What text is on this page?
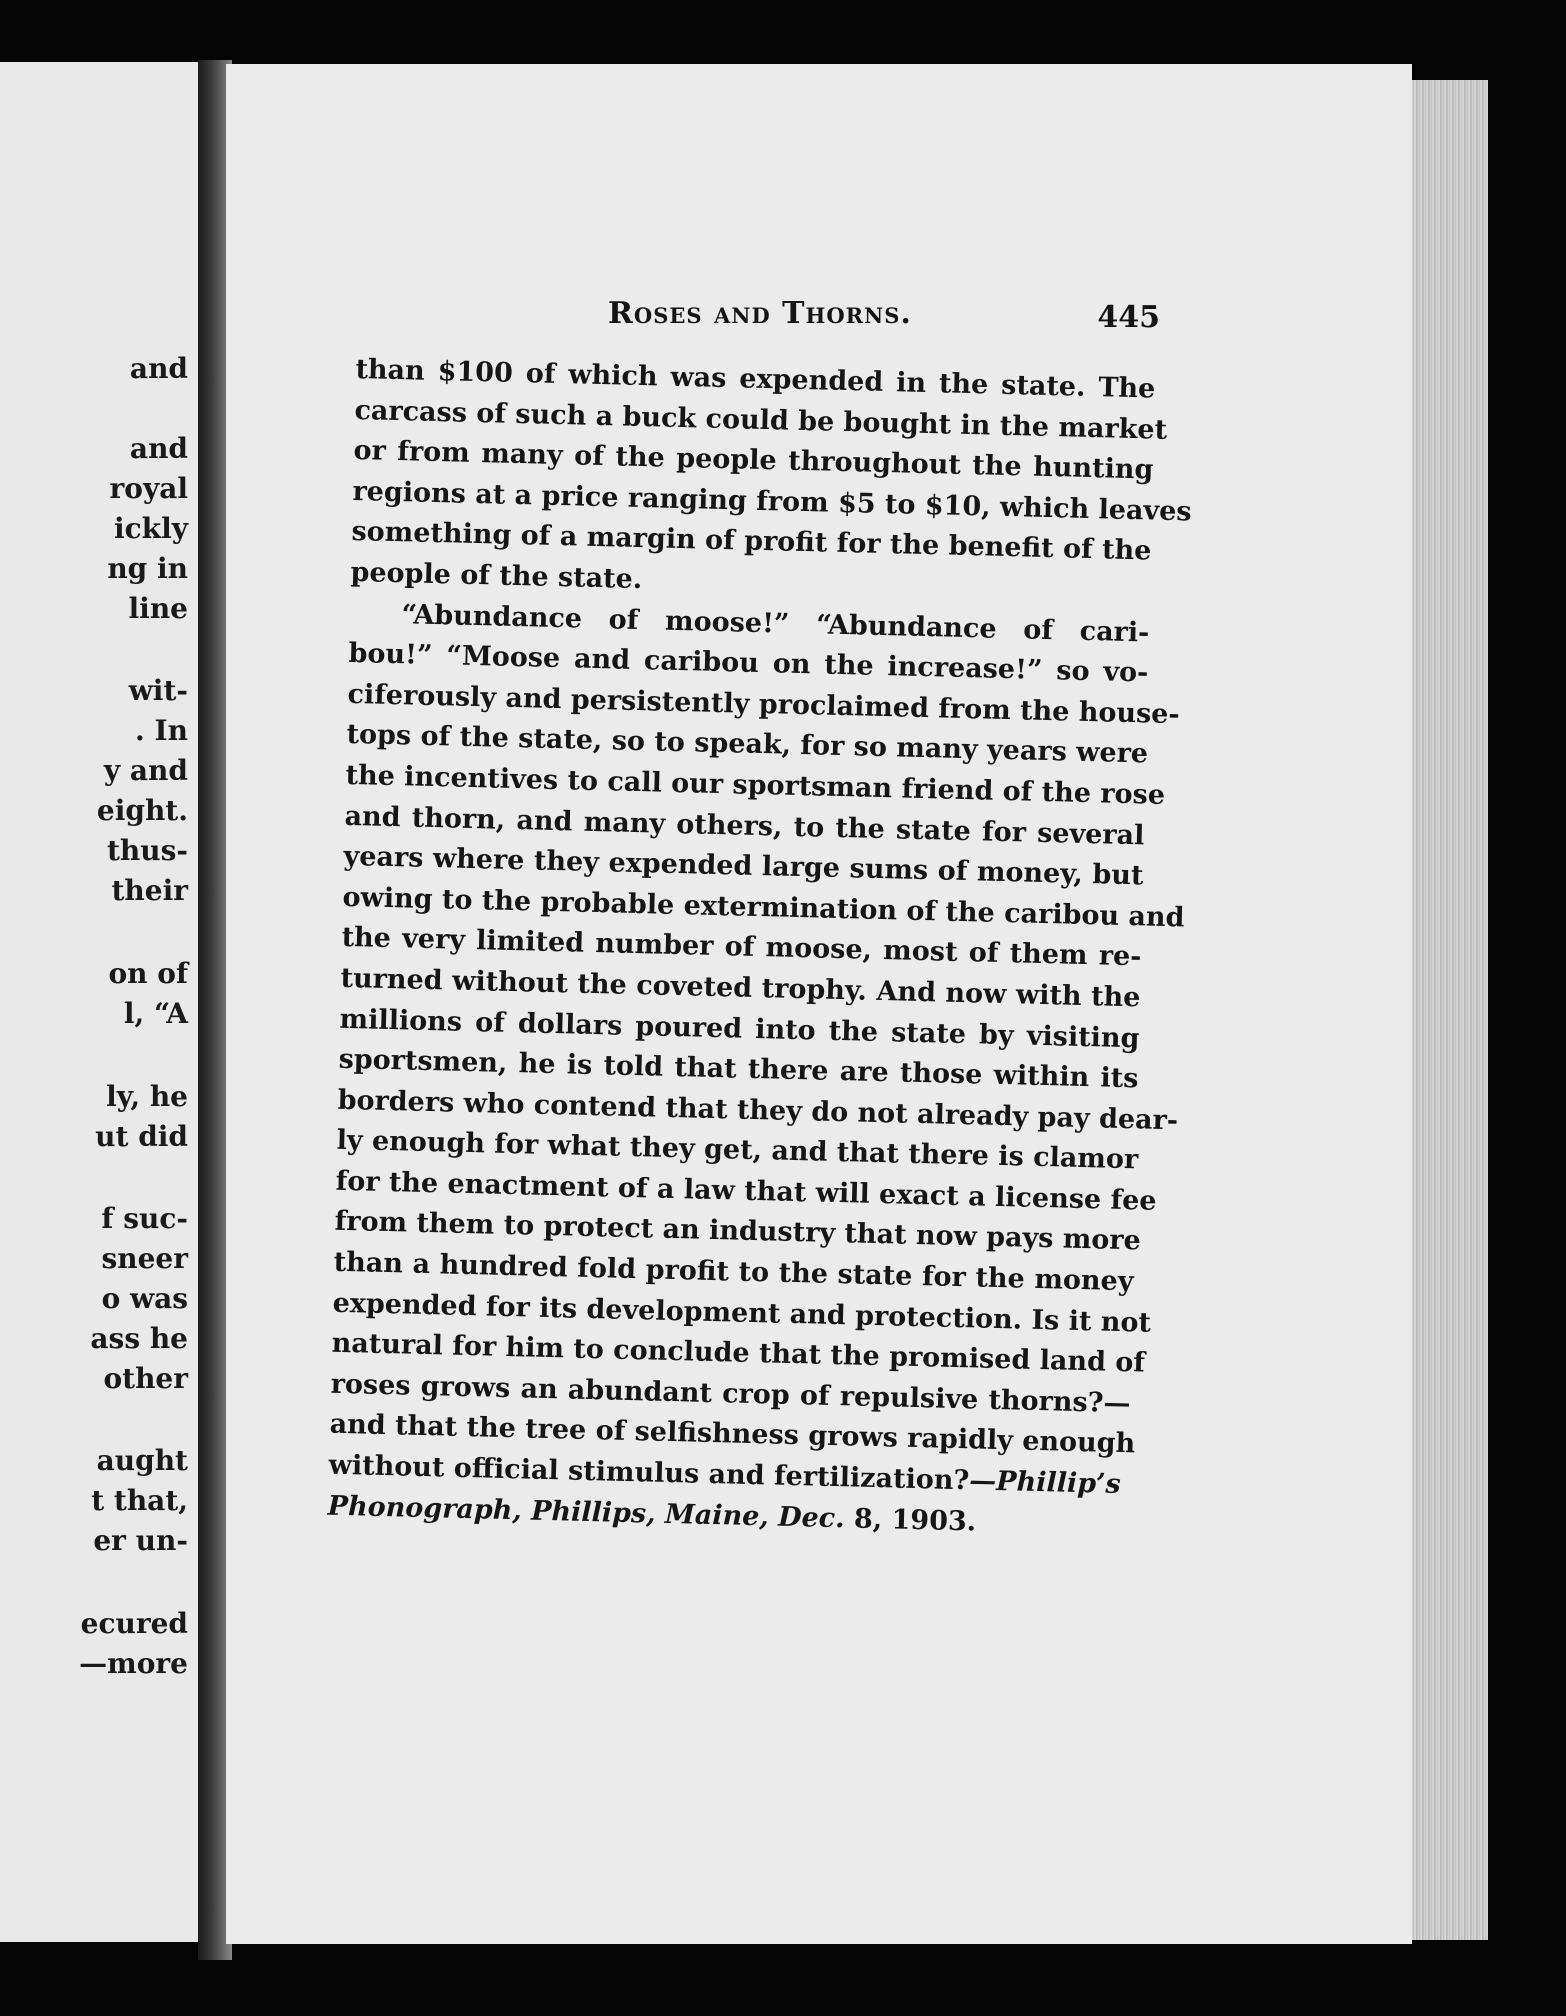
and
and
royal
ickly
ng in
line
wit-
. In
y and
eight.
thus-
their
on of
l, “A
ly, he
ut did
f suc-
sneer
o was
ass he
other
aught
t that,
er un-
ecured
—more
Roses and Thorns.	445
than $100 of which was expended in the state. The
carcass of such a buck could be bought in the market
or from many of the people throughout the hunting
regions at a price ranging from $5 to $10, which leaves
something of a margin of profit for the benefit of the
people of the state.
“Abundance of moose!” “Abundance of cari-
bou!” “Moose and caribou on the increase!” so vo-
ciferously and persistently proclaimed from the house-
tops of the state, so to speak, for so many years were
the incentives to call our sportsman friend of the rose
and thorn, and many others, to the state for several
years where they expended large sums of money, but
owing to the probable extermination of the caribou and
the very limited number of moose, most of them re-
turned without the coveted trophy. And now with the
millions of dollars poured into the state by visiting
sportsmen, he is told that there are those within its
borders who contend that they do not already pay dear-
ly enough for what they get, and that there is clamor
for the enactment of a law that will exact a license fee
from them to protect an industry that now pays more
than a hundred fold profit to the state for the money
expended for its development and protection. Is it not
natural for him to conclude that the promised land of
roses grows an abundant crop of repulsive thorns?—
and that the tree of selfishness grows rapidly enough
without official stimulus and fertilization?—Phillip’s
Phonograph, Phillips, Maine, Dec. 8, 1903.
